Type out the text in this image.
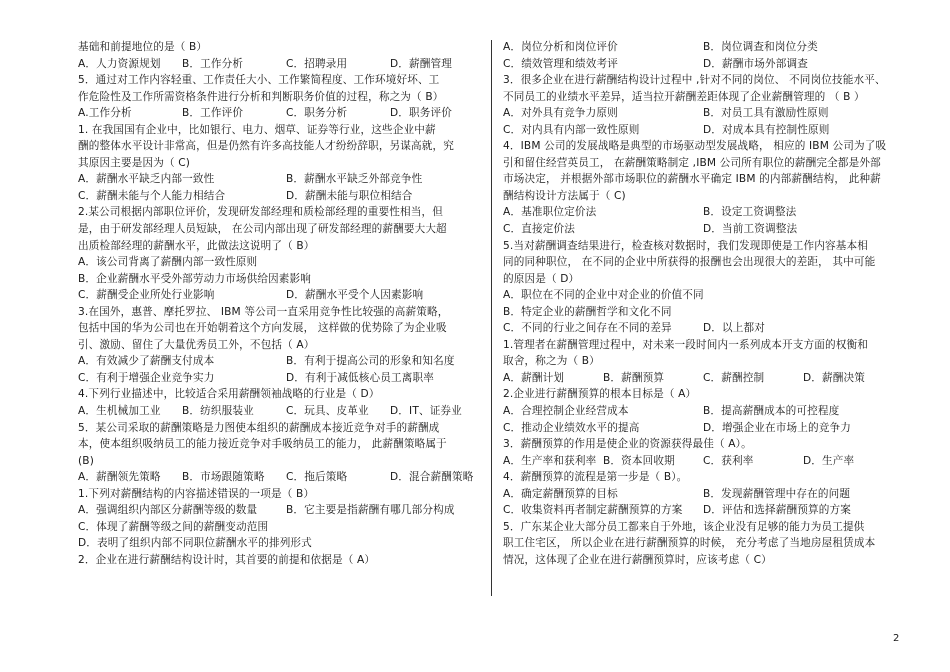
基础和前提地位的是（ B）
A．人力资源规划	B．工作分析	C．招聘录用	D．薪酬管理
5．通过对工作内容轻重、工作责任大小、工作繁简程度、工作环境好坏、工
作危险性及工作所需资格条件进行分析和判断职务价值的过程，称之为（ B）
A.工作分析	B．工作评价	C．职务分析	D．职务评价
1. 在我国国有企业中，比如银行、电力、烟草、证券等行业，这些企业中薪
酬的整体水平设计非常高，但是仍然有许多高技能人才纷纷辞职，另谋高就，究
其原因主要是因为（ C)
A．薪酬水平缺乏内部一致性	B．薪酬水平缺乏外部竞争性
C．薪酬未能与个人能力相结合	D．薪酬未能与职位相结合
2.某公司根据内部职位评价，发现研发部经理和质检部经理的重要性相当，但
是，由于研发部经理人员短缺， 在公司内部出现了研发部经理的薪酬要大大超
出质检部经理的薪酬水平，此做法这说明了（ B）
A．该公司背离了薪酬内部一致性原则
B．企业薪酬水平受外部劳动力市场供给因素影响
C．薪酬受企业所处行业影响	D．薪酬水平受个人因素影响
3.在国外，惠普、摩托罗拉、 IBM 等公司一直采用竞争性比较强的高薪策略，
包括中国的华为公司也在开始朝着这个方向发展， 这样做的优势除了为企业吸
引、激励、留住了大量优秀员工外，不包括（ A）
A．有效减少了薪酬支付成本	B．有利于提高公司的形象和知名度
C．有利于增强企业竞争实力	D．有利于减低核心员工离职率
4.下列行业描述中，比较适合采用薪酬领袖战略的行业是（ D）
A．生机械加工业	B．纺织服装业	C．玩具、皮革业	D．IT、证券业
5．某公司采取的薪酬策略是力图使本组织的薪酬成本接近竞争对手的薪酬成
本，使本组织吸纳员工的能力接近竞争对手吸纳员工的能力， 此薪酬策略属于
(B)
A．薪酬领先策略	B．市场跟随策略	C．拖后策略	D．混合薪酬策略
1.下列对薪酬结构的内容描述错误的一项是（ B）
A．强调组织内部区分薪酬等级的数量	B．它主要是指薪酬有哪几部分构成
C．体现了薪酬等级之间的薪酬变动范围
D．表明了组织内部不同职位薪酬水平的排列形式
2．企业在进行薪酬结构设计时，其首要的前提和依据是（ A）
A．岗位分析和岗位评价	B．岗位调查和岗位分类
C．绩效管理和绩效考评	D．薪酬市场外部调查
3．很多企业在进行薪酬结构设计过程中 ,针对不同的岗位、 不同岗位技能水平、
不同员工的业绩水平差异，适当拉开薪酬差距体现了企业薪酬管理的 （ B ）
A．对外具有竞争力原则	B．对员工具有激励性原则
C．对内具有内部一致性原则	D．对成本具有控制性原则
4．IBM 公司的发展战略是典型的市场驱动型发展战略， 相应的 IBM 公司为了吸
引和留住经营英员工， 在薪酬策略制定 ,IBM 公司所有职位的薪酬完全都是外部
市场决定， 并根据外部市场职位的薪酬水平确定 IBM 的内部薪酬结构， 此种薪
酬结构设计方法属于（ C)
A．基准职位定价法	B．设定工资调整法
C．直接定价法	D．当前工资调整法
5.当对薪酬调查结果进行，检查核对数据时，我们发现即使是工作内容基本相
同的同种职位， 在不同的企业中所获得的报酬也会出现很大的差距， 其中可能
的原因是（ D）
A．职位在不同的企业中对企业的价值不同
B．特定企业的薪酬哲学和文化不同
C．不同的行业之间存在不同的差异	D．以上都对
1.管理者在薪酬管理过程中，对未来一段时间内一系列成本开支方面的权衡和
取舍，称之为（ B）
A．薪酬计划	B．薪酬预算	C．薪酬控制	D．薪酬决策
2.企业进行薪酬预算的根本目标是（ A）
A．合理控制企业经营成本	B．提高薪酬成本的可控程度
C．推动企业绩效水平的提高	D．增强企业在市场上的竞争力
3．薪酬预算的作用是使企业的资源获得最佳（ A）。
A．生产率和获利率 B．资本回收期	C．获利率	D．生产率
4．薪酬预算的流程是第一步是（ B）。
A．确定薪酬预算的目标	B．发现薪酬管理中存在的问题
C．收集资料再者制定薪酬预算的方案	D．评估和选择薪酬预算的方案
5．广东某企业大部分员工都来自于外地，该企业没有足够的能力为员工提供
职工住宅区， 所以企业在进行薪酬预算的时候， 充分考虑了当地房屋租赁成本
情况，这体现了企业在进行薪酬预算时，应该考虑（ C）
2
